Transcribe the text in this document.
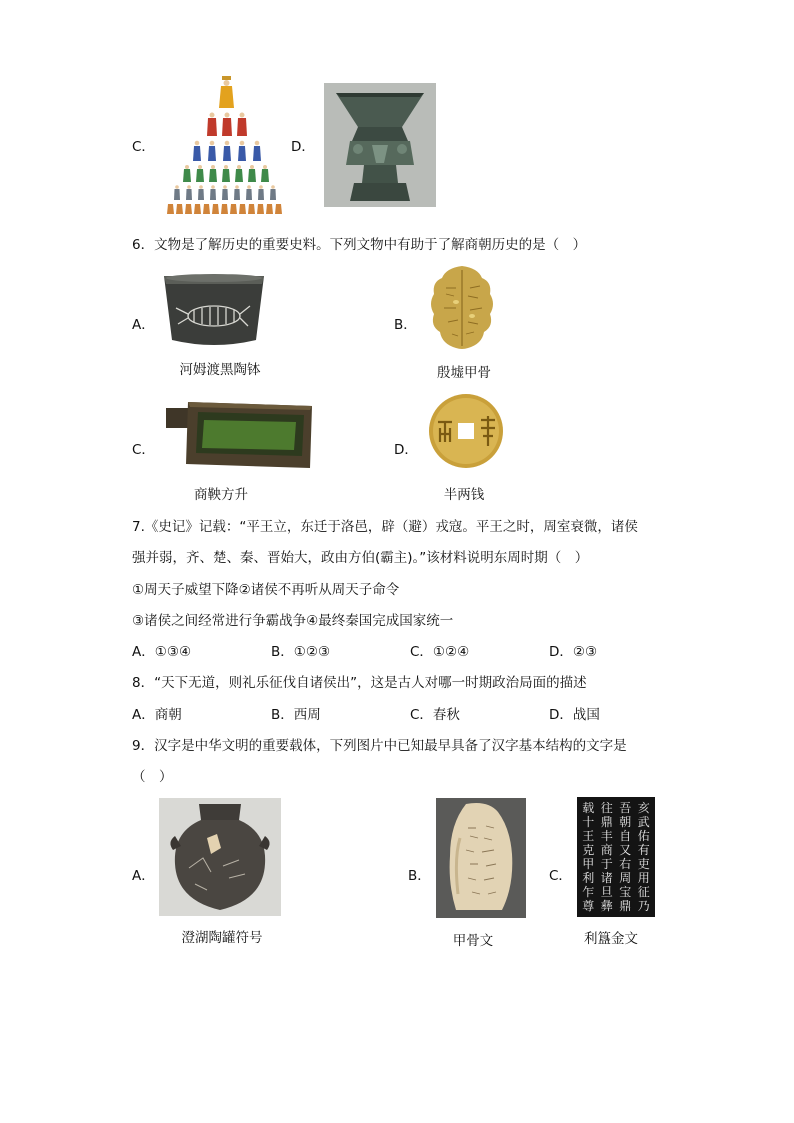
C．	D．
6．文物是了解历史的重要史料。下列文物中有助于了解商朝历史的是（　）
A．
河姆渡黑陶钵
B．
殷墟甲骨
C．
商鞅方升
D．
半两钱
7.《史记》记载：“平王立，东迁于洛邑，辟（避）戎寇。平王之时，周室衰微，诸侯
强并弱，齐、楚、秦、晋始大，政由方伯(霸主)。”该材料说明东周时期（　）
①周天子威望下降②诸侯不再听从周天子命令
③诸侯之间经常进行争霸战争④最终秦国完成国家统一
A．①③④	B．①②③	C．①②④	D．②③
8．“天下无道，则礼乐征伐自诸侯出”，这是古人对哪一时期政治局面的描述
A．商朝	B．西周	C．春秋	D．战国
9．汉字是中华文明的重要载体，下列图片中已知最早具备了汉字基本结构的文字是
（　）
A．
澄湖陶罐符号
B．
甲骨文
C．
载 往 吾 亥
十 鼎 朝 武
王 丰 自 佑
克 商 又 有
甲 于 右 吏
利 诸 周 用
乍 旦 宝 征
尊 彝 鼎 乃
利簋金文
